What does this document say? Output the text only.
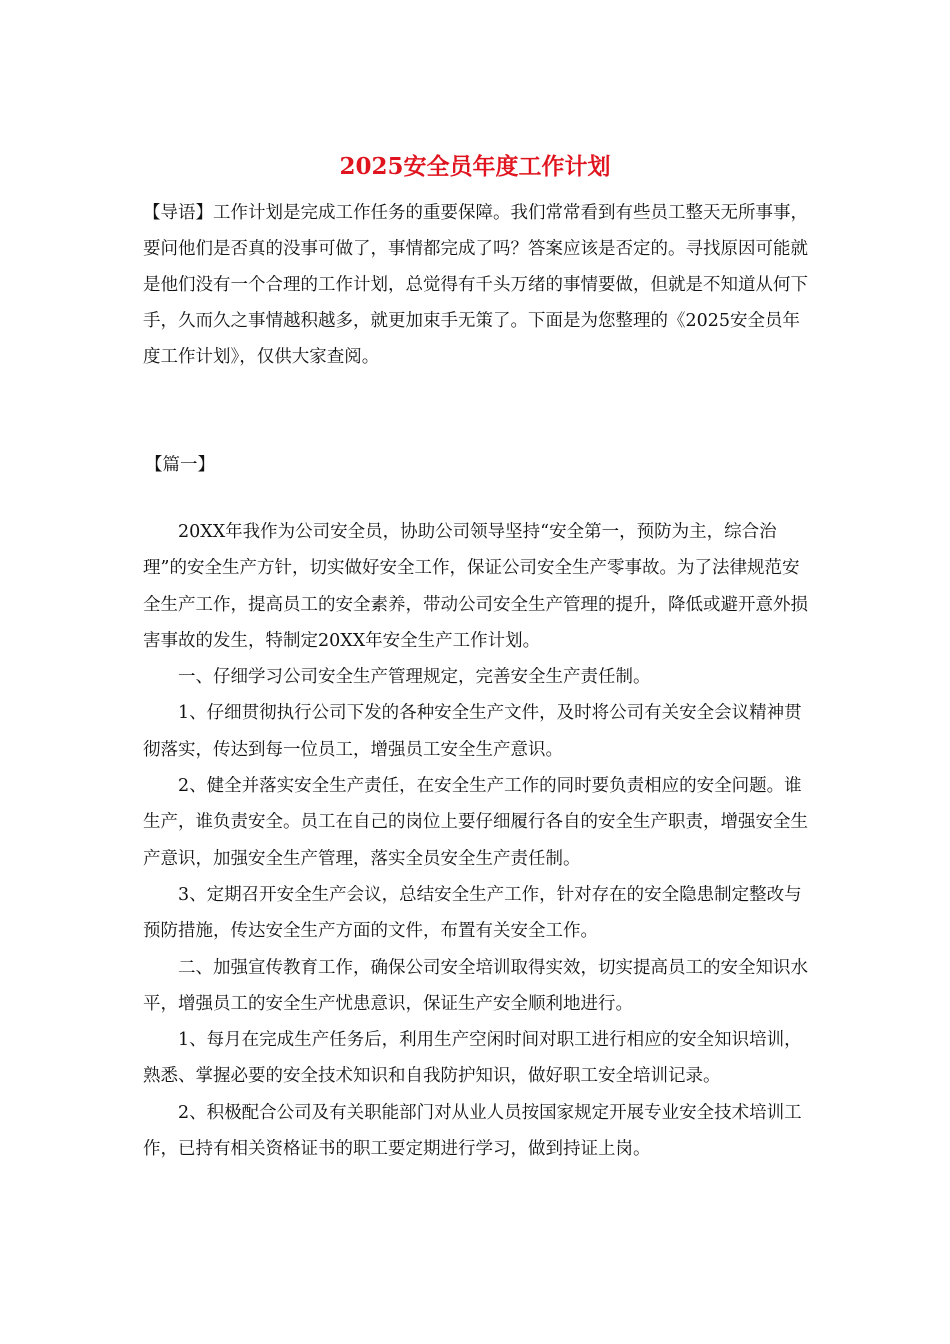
2025安全员年度工作计划

【导语】工作计划是完成工作任务的重要保障。我们常常看到有些员工整天无所事事，要问他们是否真的没事可做了，事情都完成了吗？答案应该是否定的。寻找原因可能就是他们没有一个合理的工作计划，总觉得有千头万绪的事情要做，但就是不知道从何下手，久而久之事情越积越多，就更加束手无策了。下面是为您整理的《2025安全员年度工作计划》，仅供大家查阅。

【篇一】

20XX年我作为公司安全员，协助公司领导坚持“安全第一，预防为主，综合治理”的安全生产方针，切实做好安全工作，保证公司安全生产零事故。为了法律规范安全生产工作，提高员工的安全素养，带动公司安全生产管理的提升，降低或避开意外损害事故的发生，特制定20XX年安全生产工作计划。

一、仔细学习公司安全生产管理规定，完善安全生产责任制。

1、仔细贯彻执行公司下发的各种安全生产文件，及时将公司有关安全会议精神贯彻落实，传达到每一位员工，增强员工安全生产意识。

2、健全并落实安全生产责任，在安全生产工作的同时要负责相应的安全问题。谁生产，谁负责安全。员工在自己的岗位上要仔细履行各自的安全生产职责，增强安全生产意识，加强安全生产管理，落实全员安全生产责任制。

3、定期召开安全生产会议，总结安全生产工作，针对存在的安全隐患制定整改与预防措施，传达安全生产方面的文件，布置有关安全工作。

二、加强宣传教育工作，确保公司安全培训取得实效，切实提高员工的安全知识水平，增强员工的安全生产忧患意识，保证生产安全顺利地进行。

1、每月在完成生产任务后，利用生产空闲时间对职工进行相应的安全知识培训，熟悉、掌握必要的安全技术知识和自我防护知识，做好职工安全培训记录。

2、积极配合公司及有关职能部门对从业人员按国家规定开展专业安全技术培训工作，已持有相关资格证书的职工要定期进行学习，做到持证上岗。
